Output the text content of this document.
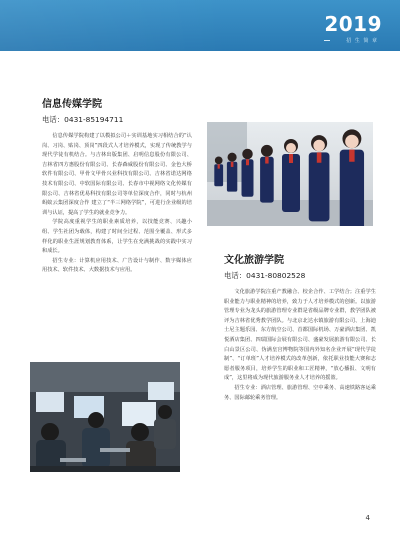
2019
招 生 简 章
信息传媒学院
电话：0431-85194711

信息传媒学院构建了以模拟公司＋实训基地实习相结合的“认岗、习岗、贴岗、顶岗”四段式人才培养模式，实现了传统教学与现代学徒有机结合。与吉林出版集团、启明信息股份有限公司、吉林省四方惠股份有限公司、长春森威股份有限公司、金色大桥软件有限公司、甲骨文甲骨兴业科技有限公司、吉林省诺达网络技术有限公司、中软国际有限公司、长春市中视网络文化传媒有限公司、吉林省优易科技有限公司等单位深度合作，同时与杭州蚂蚁云集团深度合作 建立了“半三网络学院”，可进行企业级的培训与认证，提高了学生的就业竞争力。

学院高度重视学生的职业素质培养，以技能竞赛、兴趣小组、学生社团为载体，构建了时间全过程、范围全覆盖、形式多样化的职业生涯规划教育体系，让学生在充满挑战的实践中实习和成长。

招生专业：计算机应用技术、广告设计与制作、数字媒体应用技术、软件技术、大数据技术与应用。

文化旅游学院
电话：0431-80802528

文化旅游学院注重产教融合、校企合作、工学结合；注重学生职业能力与职业精神的培养，致力于人才培养模式的创新。以旅游管理专业为龙头的旅游管理专业群是省级品牌专业群，教学团队被评为吉林省优秀教学团队。与北京北达水镇旅游有限公司、上海迪士尼主题乐园、东方航空公司、首都国际机场、万豪酒店集团、凯悦酒店集团、四瑞国际会展有限公司、盛豪发展旅游有限公司、长白山景区公司、伪满皇宫博物院等国内外知名企业开展“现代学徒制”、“订单班”人才培养模式的改革创新，依托职业技能大赛和志愿者服务项目，培养学生的职业和工匠精神，“放心播报、文明有成”，这里将成为现代旅游服务业人才培养的摇篮。

招生专业：酒店管理、旅游管理、空中乘务、高速铁路客运乘务、国际邮轮乘务管理。

4
